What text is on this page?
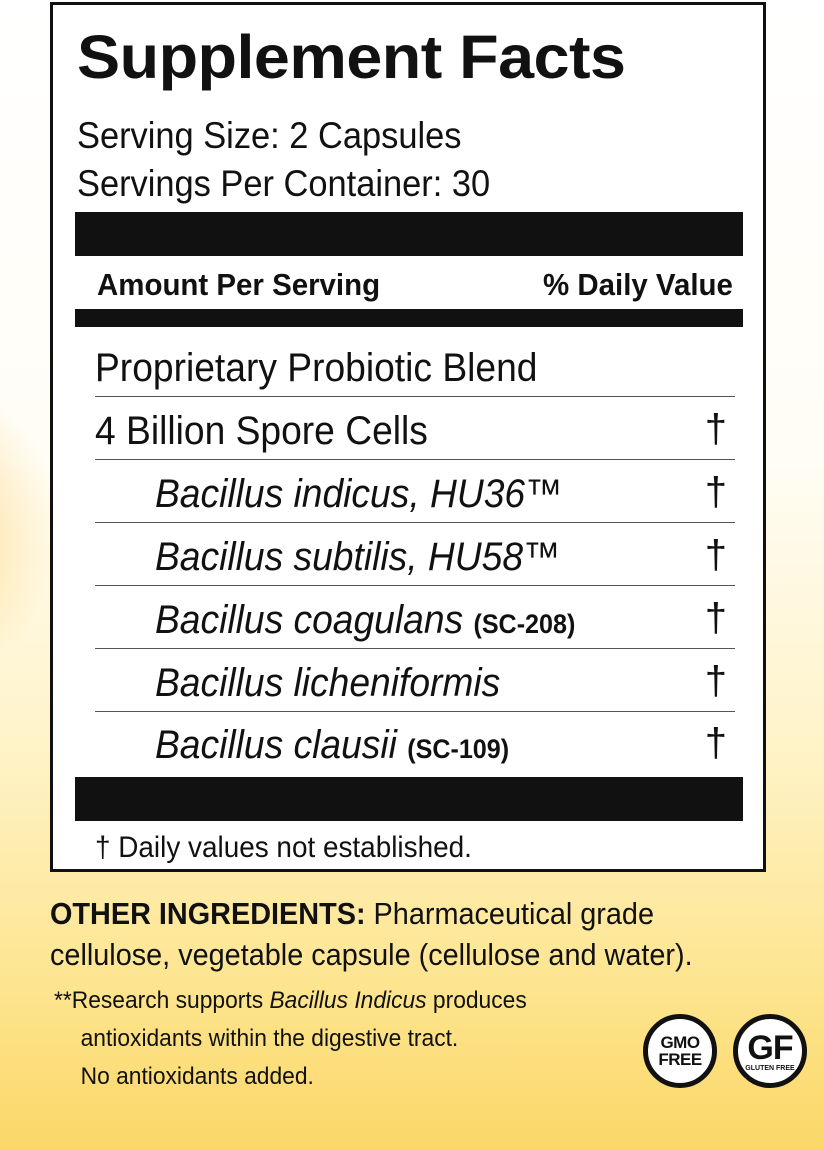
Supplement Facts
Serving Size: 2 Capsules
Servings Per Container: 30
Amount Per Serving	% Daily Value
Proprietary Probiotic Blend
4 Billion Spore Cells	†
Bacillus indicus, HU36™	†
Bacillus subtilis, HU58™	†
Bacillus coagulans (SC-208)	†
Bacillus licheniformis	†
Bacillus clausii (SC-109)	†
† Daily values not established.
OTHER INGREDIENTS: Pharmaceutical grade cellulose, vegetable capsule (cellulose and water).
**Research supports Bacillus Indicus produces
antioxidants within the digestive tract.
No antioxidants added.
GMO
FREE GF
GLUTEN FREE
